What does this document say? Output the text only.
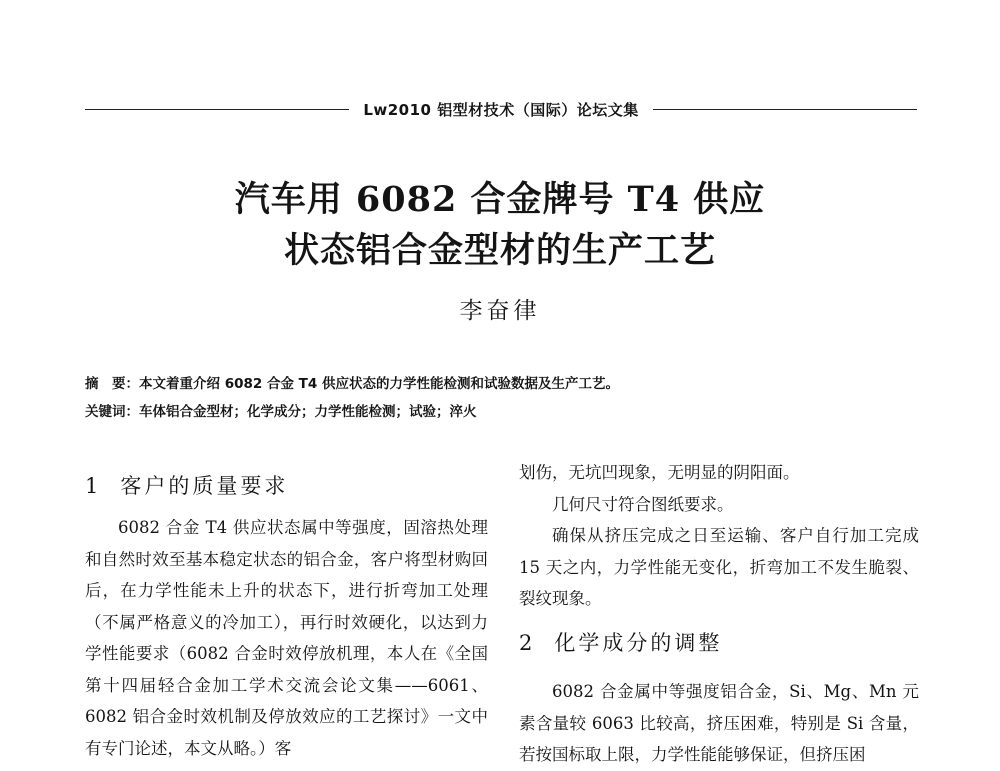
Lw2010 铝型材技术（国际）论坛文集
汽车用 6082 合金牌号 T4 供应
状态铝合金型材的生产工艺
李奋律
摘　要：本文着重介绍 6082 合金 T4 供应状态的力学性能检测和试验数据及生产工艺。
关键词：车体铝合金型材；化学成分；力学性能检测；试验；淬火
1 客户的质量要求

6082 合金 T4 供应状态属中等强度，固溶热处理和自然时效至基本稳定状态的铝合金，客户将型材购回后，在力学性能未上升的状态下，进行折弯加工处理（不属严格意义的冷加工），再行时效硬化，以达到力学性能要求（6082 合金时效停放机理，本人在《全国第十四届轻合金加工学术交流会论文集——6061、6082 铝合金时效机制及停放效应的工艺探讨》一文中有专门论述，本文从略。）客

划伤，无坑凹现象，无明显的阴阳面。

几何尺寸符合图纸要求。

确保从挤压完成之日至运输、客户自行加工完成 15 天之内，力学性能无变化，折弯加工不发生脆裂、裂纹现象。

2 化学成分的调整

6082 合金属中等强度铝合金，Si、Mg、Mn 元素含量较 6063 比较高，挤压困难，特别是 Si 含量，若按国标取上限，力学性能能够保证，但挤压困
